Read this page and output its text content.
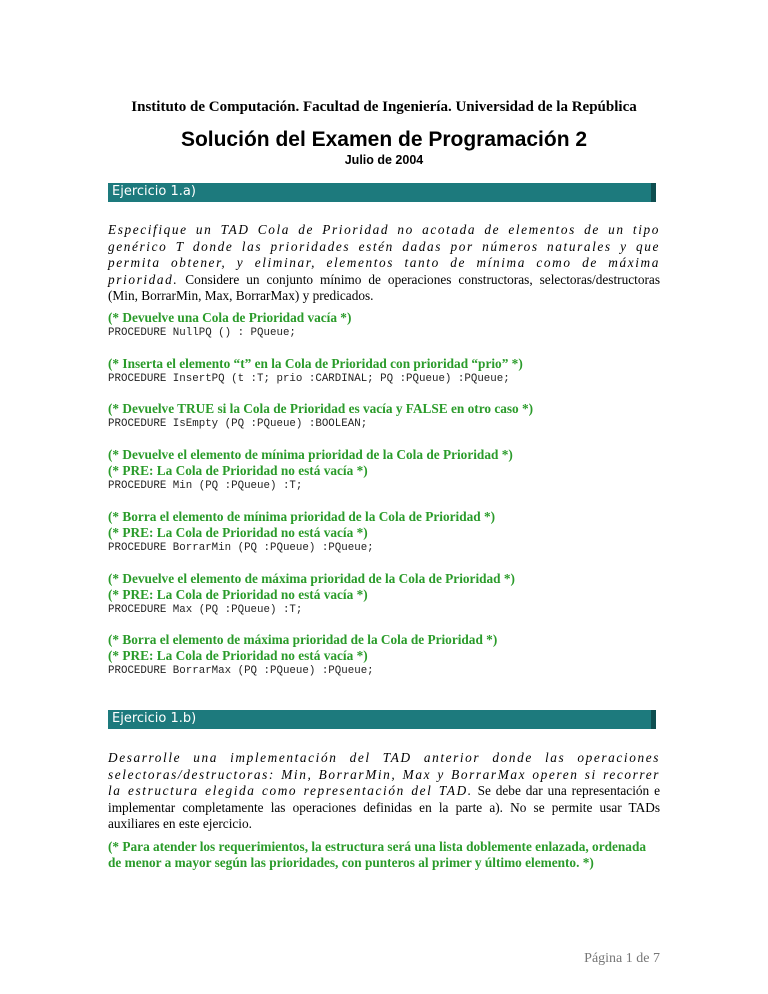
Instituto de Computación. Facultad de Ingeniería. Universidad de la República
Solución del Examen de Programación 2
Julio de 2004
Ejercicio 1.a)
Especifique un TAD Cola de Prioridad no acotada de elementos de un tipo genérico T donde las prioridades estén dadas por números naturales y que permita obtener, y eliminar, elementos tanto de mínima como de máxima prioridad. Considere un conjunto mínimo de operaciones constructoras, selectoras/destructoras (Min, BorrarMin, Max, BorrarMax) y predicados.
(* Devuelve una Cola de Prioridad vacía *)
PROCEDURE NullPQ () : PQueue;
(* Inserta el elemento “t” en la Cola de Prioridad con prioridad “prio” *)
PROCEDURE InsertPQ (t :T; prio :CARDINAL; PQ :PQueue) :PQueue;
(* Devuelve TRUE si la Cola de Prioridad es vacía y FALSE en otro caso *)
PROCEDURE IsEmpty (PQ :PQueue) :BOOLEAN;
(* Devuelve el elemento de mínima prioridad de la Cola de Prioridad *)
(* PRE: La Cola de Prioridad no está vacía *)
PROCEDURE Min (PQ :PQueue) :T;
(* Borra el elemento de mínima prioridad de la Cola de Prioridad *)
(* PRE: La Cola de Prioridad no está vacía *)
PROCEDURE BorrarMin (PQ :PQueue) :PQueue;
(* Devuelve el elemento de máxima prioridad de la Cola de Prioridad *)
(* PRE: La Cola de Prioridad no está vacía *)
PROCEDURE Max (PQ :PQueue) :T;
(* Borra el elemento de máxima prioridad de la Cola de Prioridad *)
(* PRE: La Cola de Prioridad no está vacía *)
PROCEDURE BorrarMax (PQ :PQueue) :PQueue;
Ejercicio 1.b)
Desarrolle una implementación del TAD anterior donde las operaciones selectoras/destructoras: Min, BorrarMin, Max y BorrarMax operen si recorrer la estructura elegida como representación del TAD. Se debe dar una representación e implementar completamente las operaciones definidas en la parte a). No se permite usar TADs auxiliares en este ejercicio.
(* Para atender los requerimientos, la estructura será una lista doblemente enlazada, ordenada de menor a mayor según las prioridades, con punteros al primer y último elemento. *)
Página 1 de 7
